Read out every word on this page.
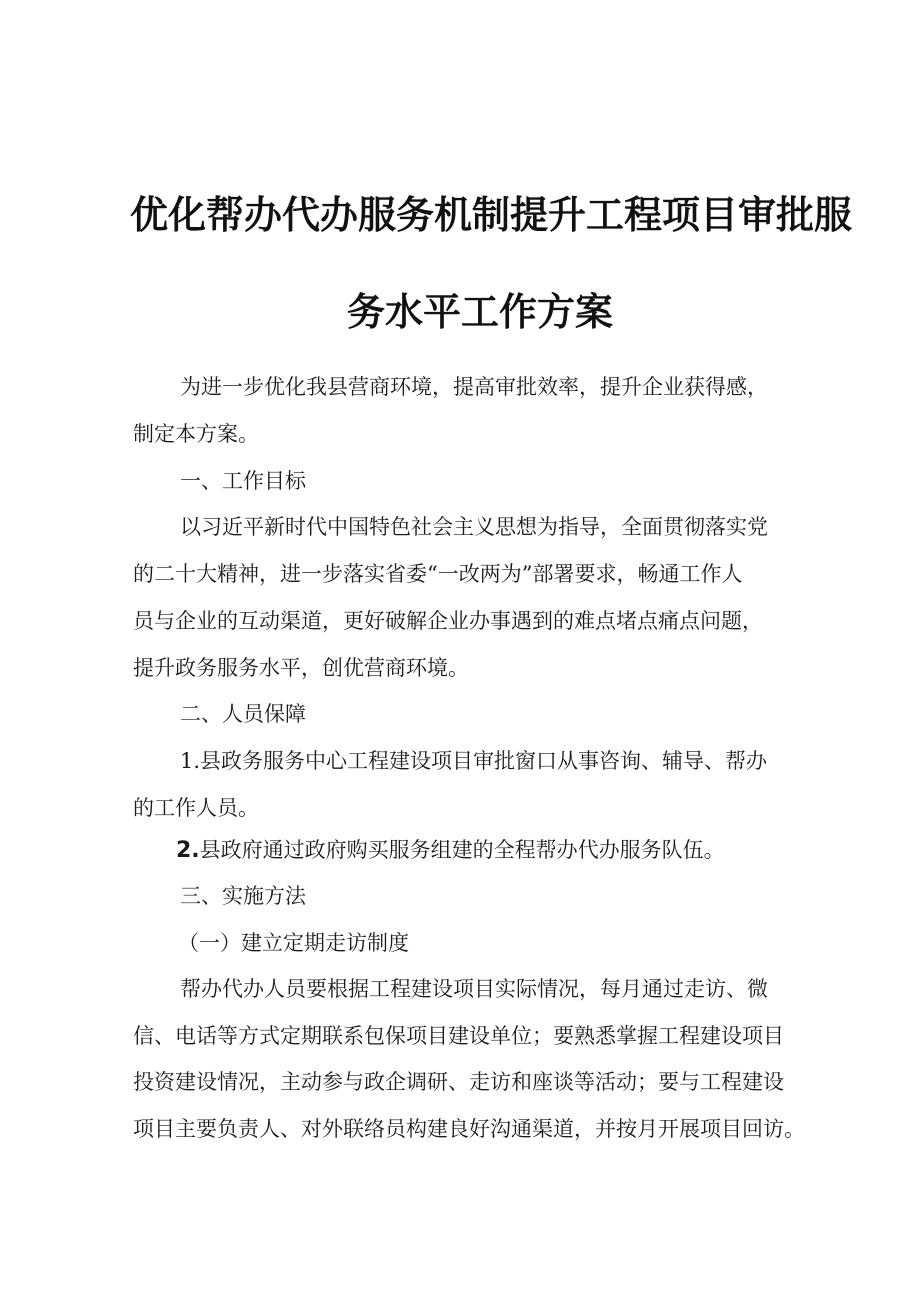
优化帮办代办服务机制提升工程项目审批服
务水平工作方案
为进一步优化我县营商环境，提高审批效率，提升企业获得感，
制定本方案。
一、工作目标
以习近平新时代中国特色社会主义思想为指导，全面贯彻落实党
的二十大精神，进一步落实省委“一改两为”部署要求，畅通工作人
员与企业的互动渠道，更好破解企业办事遇到的难点堵点痛点问题，
提升政务服务水平，创优营商环境。
二、人员保障
1.县政务服务中心工程建设项目审批窗口从事咨询、辅导、帮办
的工作人员。
2.县政府通过政府购买服务组建的全程帮办代办服务队伍。
三、实施方法
（一）建立定期走访制度
帮办代办人员要根据工程建设项目实际情况，每月通过走访、微
信、电话等方式定期联系包保项目建设单位；要熟悉掌握工程建设项目
投资建设情况，主动参与政企调研、走访和座谈等活动；要与工程建设
项目主要负责人、对外联络员构建良好沟通渠道，并按月开展项目回访。
